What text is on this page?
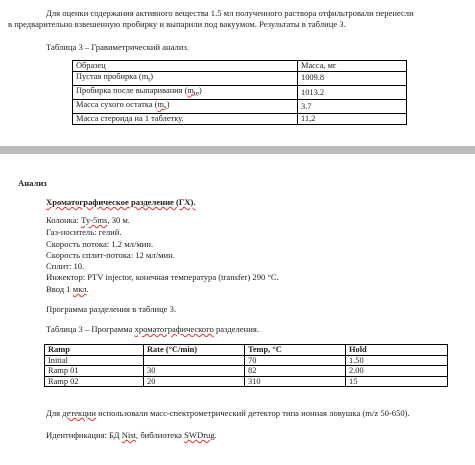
Для оценки содержания активного вещества 1.5 мл полученного раствора отфильтровали перенесли
в предварительно взвешенную пробирку и выпарили под вакуумом. Результаты в таблице 3.
Таблица 3 – Гравиметрический анализ.
Образец	Масса, мг
Пустая пробирка $(m_t)$	1009.8
Пробирка после выпаривания $(m_{te})$	1013.2
Масса сухого остатка $(m_s)$	3.7
Масса стероида на 1 таблетку.	11,2
Анализ
Хроматографическое разделение (ГХ).
Колонка: Ту-5ms, 30 м.
Газ-носитель: гелий.
Скорость потока: 1.2 мл/мин.
Скорость сплит-потока: 12 мл/мин.
Сплит: 10.
Инжектор: PTV injector, конечная температура (transfer) 290 °C.
Ввод 1 мкл.
Программа разделения в таблице 3.
Таблица 3 – Программа хроматографического разделения.
Ramp	Rate (°C/min)	Temp, °C	Hold
Initial		70	1.50
Ramp 01	30	82	2.00
Ramp 02	20	310	15
Для детекции использовали масс-спектрометрический детектор типа ионная ловушка (m/z 50-650).
Идентификация: БД Nist, библиотека SWDrug.
